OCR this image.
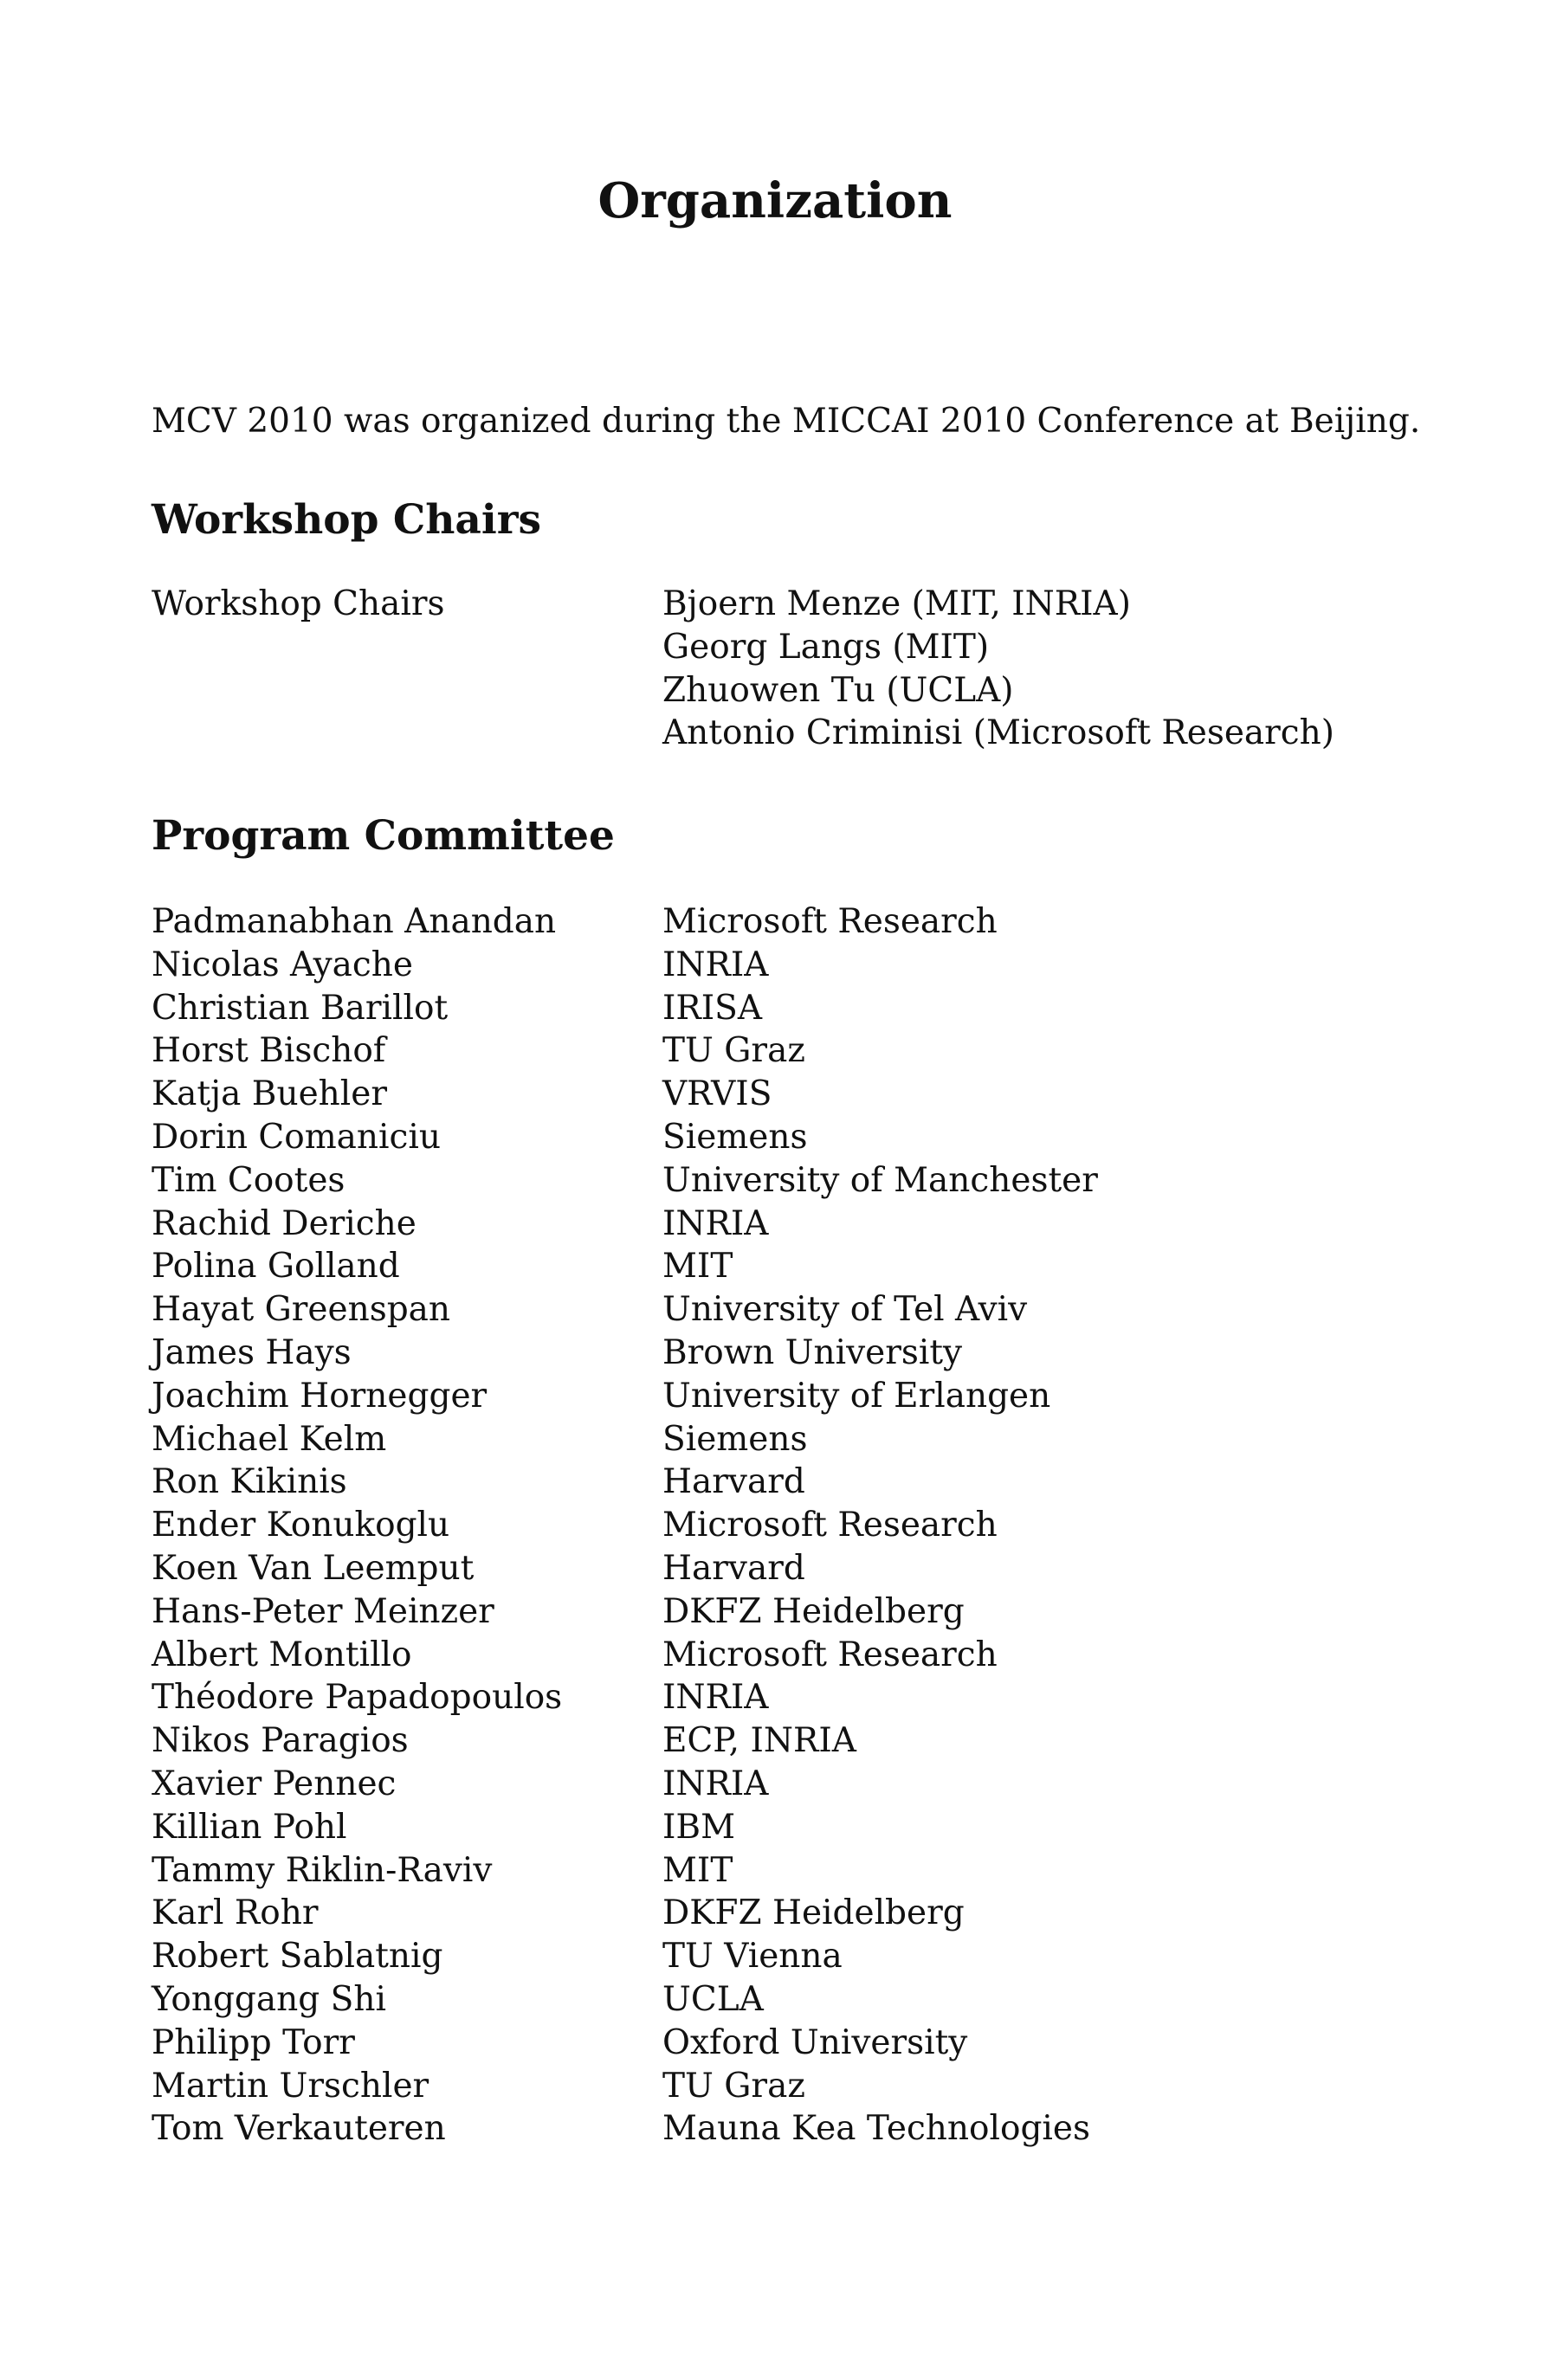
Organization

MCV 2010 was organized during the MICCAI 2010 Conference at Beijing.

Workshop Chairs
Workshop Chairs	Bjoern Menze (MIT, INRIA)
Georg Langs (MIT)
Zhuowen Tu (UCLA)
Antonio Criminisi (Microsoft Research)
Program Committee
Padmanabhan Anandan	Microsoft Research
Nicolas Ayache	INRIA
Christian Barillot	IRISA
Horst Bischof	TU Graz
Katja Buehler	VRVIS
Dorin Comaniciu	Siemens
Tim Cootes	University of Manchester
Rachid Deriche	INRIA
Polina Golland	MIT
Hayat Greenspan	University of Tel Aviv
James Hays	Brown University
Joachim Hornegger	University of Erlangen
Michael Kelm	Siemens
Ron Kikinis	Harvard
Ender Konukoglu	Microsoft Research
Koen Van Leemput	Harvard
Hans-Peter Meinzer	DKFZ Heidelberg
Albert Montillo	Microsoft Research
Théodore Papadopoulos	INRIA
Nikos Paragios	ECP, INRIA
Xavier Pennec	INRIA
Killian Pohl	IBM
Tammy Riklin-Raviv	MIT
Karl Rohr	DKFZ Heidelberg
Robert Sablatnig	TU Vienna
Yonggang Shi	UCLA
Philipp Torr	Oxford University
Martin Urschler	TU Graz
Tom Verkauteren	Mauna Kea Technologies
